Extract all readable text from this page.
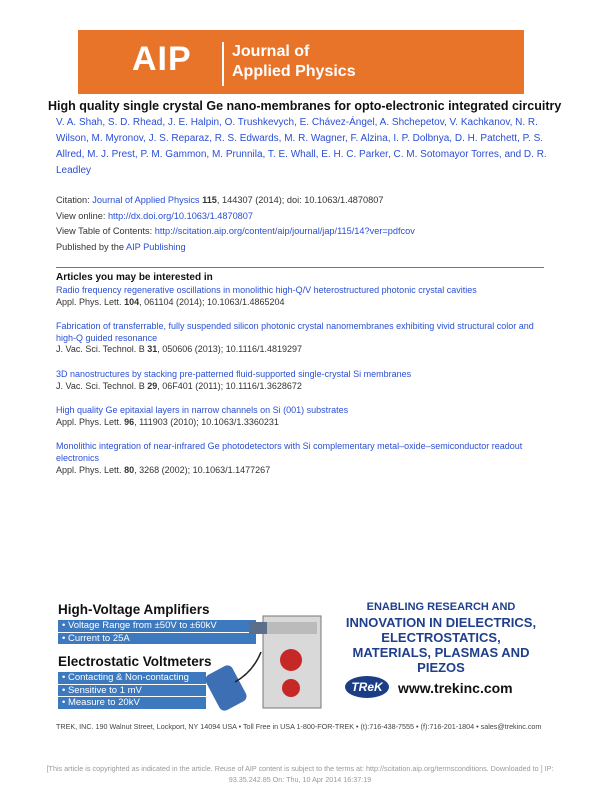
AIP	Journal of
Applied Physics
High quality single crystal Ge nano-membranes for opto-electronic integrated circuitry
V. A. Shah, S. D. Rhead, J. E. Halpin, O. Trushkevych, E. Chávez-Ángel, A. Shchepetov, V. Kachkanov, N. R. Wilson, M. Myronov, J. S. Reparaz, R. S. Edwards, M. R. Wagner, F. Alzina, I. P. Dolbnya, D. H. Patchett, P. S. Allred, M. J. Prest, P. M. Gammon, M. Prunnila, T. E. Whall, E. H. C. Parker, C. M. Sotomayor Torres, and D. R. Leadley
Citation: Journal of Applied Physics 115, 144307 (2014); doi: 10.1063/1.4870807
View online: http://dx.doi.org/10.1063/1.4870807
View Table of Contents: http://scitation.aip.org/content/aip/journal/jap/115/14?ver=pdfcov
Published by the AIP Publishing
Articles you may be interested in
Radio frequency regenerative oscillations in monolithic high-Q/V heterostructured photonic crystal cavities
Appl. Phys. Lett. 104, 061104 (2014); 10.1063/1.4865204
Fabrication of transferrable, fully suspended silicon photonic crystal nanomembranes exhibiting vivid structural color and high-Q guided resonance
J. Vac. Sci. Technol. B 31, 050606 (2013); 10.1116/1.4819297
3D nanostructures by stacking pre-patterned fluid-supported single-crystal Si membranes
J. Vac. Sci. Technol. B 29, 06F401 (2011); 10.1116/1.3628672
High quality Ge epitaxial layers in narrow channels on Si (001) substrates
Appl. Phys. Lett. 96, 111903 (2010); 10.1063/1.3360231
Monolithic integration of near-infrared Ge photodetectors with Si complementary metal–oxide–semiconductor readout electronics
Appl. Phys. Lett. 80, 3268 (2002); 10.1063/1.1477267
High-Voltage Amplifiers
• Voltage Range from ±50V to ±60kV
• Current to 25A
Electrostatic Voltmeters
• Contacting & Non-contacting
• Sensitive to 1 mV
• Measure to 20kV
ENABLING RESEARCH AND
INNOVATION IN DIELECTRICS,
ELECTROSTATICS,
MATERIALS, PLASMAS AND PIEZOS
TReK	www.trekinc.com
TREK, INC. 190 Walnut Street, Lockport, NY 14094 USA • Toll Free in USA 1-800-FOR-TREK • (t):716-438-7555 • (f):716-201-1804 • sales@trekinc.com
[This article is copyrighted as indicated in the article. Reuse of AIP content is subject to the terms at: http://scitation.aip.org/termsconditions. Downloaded to ] IP:
93.35.242.85 On: Thu, 10 Apr 2014 16:37:19
